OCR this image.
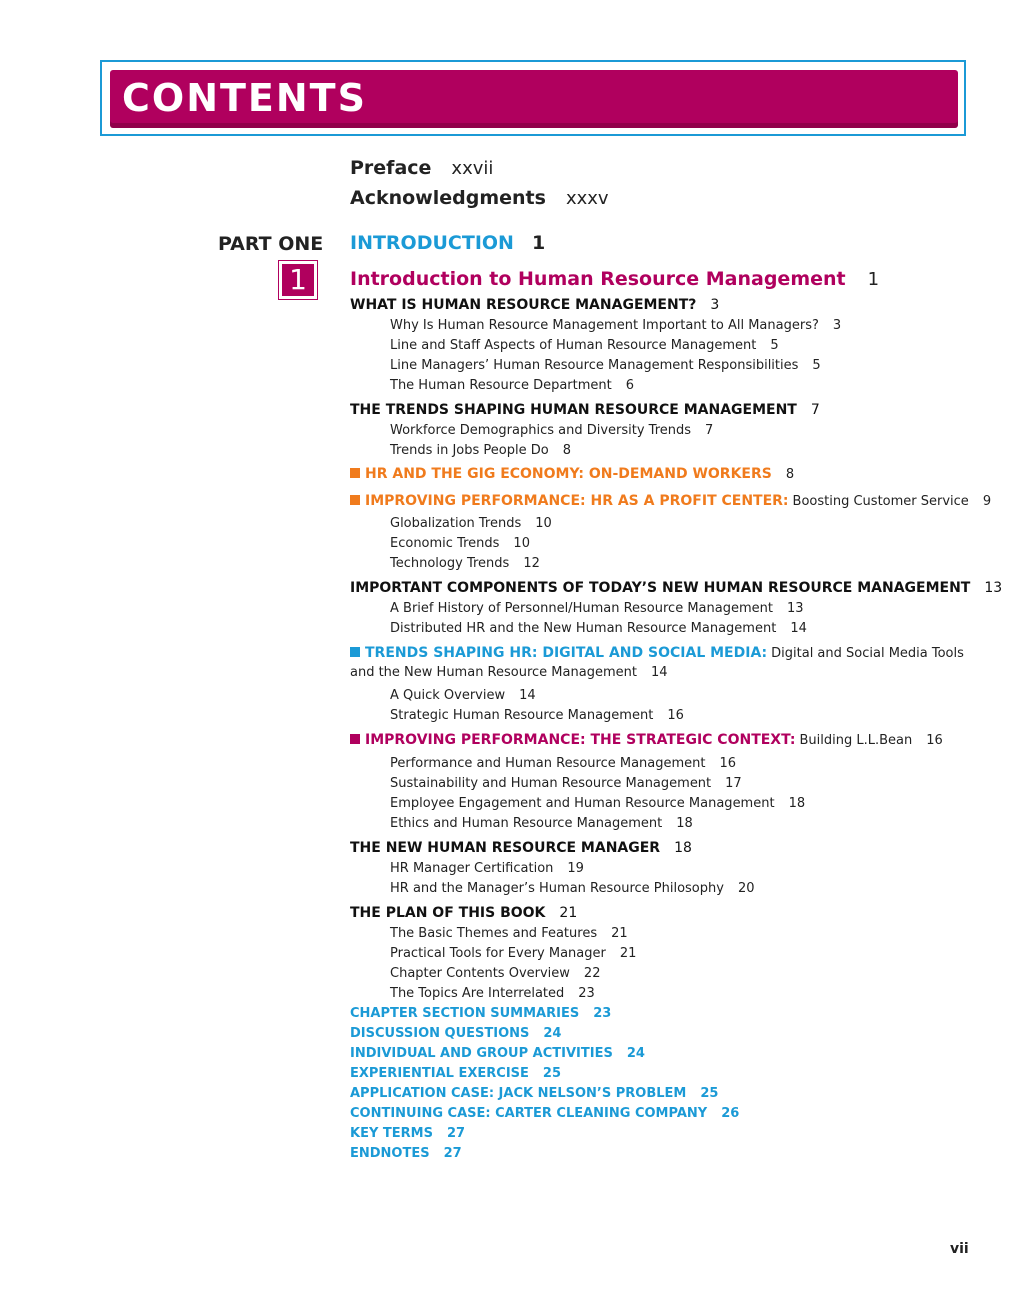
CONTENTS
Preface xxvii
Acknowledgments xxxv
PART ONE INTRODUCTION 1
1	Introduction to Human Resource Management 1
WHAT IS HUMAN RESOURCE MANAGEMENT? 3
Why Is Human Resource Management Important to All Managers? 3
Line and Staff Aspects of Human Resource Management 5
Line Managers’ Human Resource Management Responsibilities 5
The Human Resource Department 6
THE TRENDS SHAPING HUMAN RESOURCE MANAGEMENT 7
Workforce Demographics and Diversity Trends 7
Trends in Jobs People Do 8
HR AND THE GIG ECONOMY: ON-DEMAND WORKERS 8
IMPROVING PERFORMANCE: HR AS A PROFIT CENTER: Boosting Customer Service 9
Globalization Trends 10
Economic Trends 10
Technology Trends 12
IMPORTANT COMPONENTS OF TODAY’S NEW HUMAN RESOURCE MANAGEMENT 13
A Brief History of Personnel/Human Resource Management 13
Distributed HR and the New Human Resource Management 14
TRENDS SHAPING HR: DIGITAL AND SOCIAL MEDIA: Digital and Social Media Tools
and the New Human Resource Management 14
A Quick Overview 14
Strategic Human Resource Management 16
IMPROVING PERFORMANCE: THE STRATEGIC CONTEXT: Building L.L.Bean 16
Performance and Human Resource Management 16
Sustainability and Human Resource Management 17
Employee Engagement and Human Resource Management 18
Ethics and Human Resource Management 18
THE NEW HUMAN RESOURCE MANAGER 18
HR Manager Certification 19
HR and the Manager’s Human Resource Philosophy 20
THE PLAN OF THIS BOOK 21
The Basic Themes and Features 21
Practical Tools for Every Manager 21
Chapter Contents Overview 22
The Topics Are Interrelated 23
CHAPTER SECTION SUMMARIES 23
DISCUSSION QUESTIONS 24
INDIVIDUAL AND GROUP ACTIVITIES 24
EXPERIENTIAL EXERCISE 25
APPLICATION CASE: JACK NELSON’S PROBLEM 25
CONTINUING CASE: CARTER CLEANING COMPANY 26
KEY TERMS 27
ENDNOTES 27
vii
